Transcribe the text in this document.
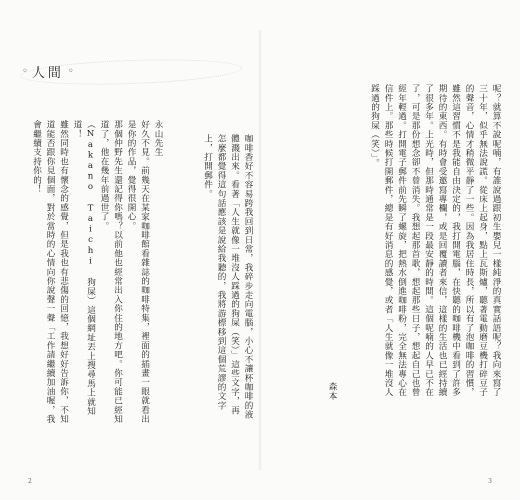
◦ 人間 ◦
咖啡香好不容易跨我回到日常，我碎步走向電腦，小心不讓杯咖啡的液體濺出來。看著「人生就像一堆沒人踩過的狗屎（笑）」這些文字，再怎麼都覺得這句話應該是說給我聽的，我將游標移到這個荒謬的文字上，打開郵件。
永山先生
好久不見。前幾天在某家咖啡館看雜誌的咖啡特集，裡面的插畫一眼就看出是你的作品，覺得很開心。
那個仲野先生還記得你嗎？以前他也經常出入你住的地方吧。你可能已經知道了，他在幾年前過世了。
（Nakano Taichi 狗屎）這個網址丟上搜尋馬上就知道！
雖然同時也有懷念的感覺，但是我也有悲傷的回憶，我想好好告訴你，不知道能否跟你見個面，對於當時的心情向你說聲一聲「工作請繼續加油喔，我會繼續支持你的！
2
呢？就算不說呢喃，有誰說過跟初生嬰兒一樣純淨的真實話語呢？我向來寫了三十年，似乎無法說謊。從床上起身，點上瓦斯爐，聽著電動磨豆機打碎豆子的聲音，心情才稍微平靜了一些。因為我居住時長，所以有了泡咖啡的習慣，雖然這習慣不是我能自由決定的，我打開電腦，在快聽的咖啡機中看到了許多期待的東西。有時會受邀寫專欄，或是回覆讀者來信，這樣的生活也已經持續了很多年。上光時，但那時通常是一段最安靜的時間。這個呢喃的人早已不在了，可是那份想念卻不曾消失。我想起那首歌，想起那些日子，想起自己也曾經年輕過。打開電子郵件前先瞬了螺旋，把熱水倒進咖啡粉，完全無法專心在信件上。那些時候打開郵件，總是有好消息的感覺，或者「人生就像一堆沒人踩過的狗屎（笑）」。
森本
3
